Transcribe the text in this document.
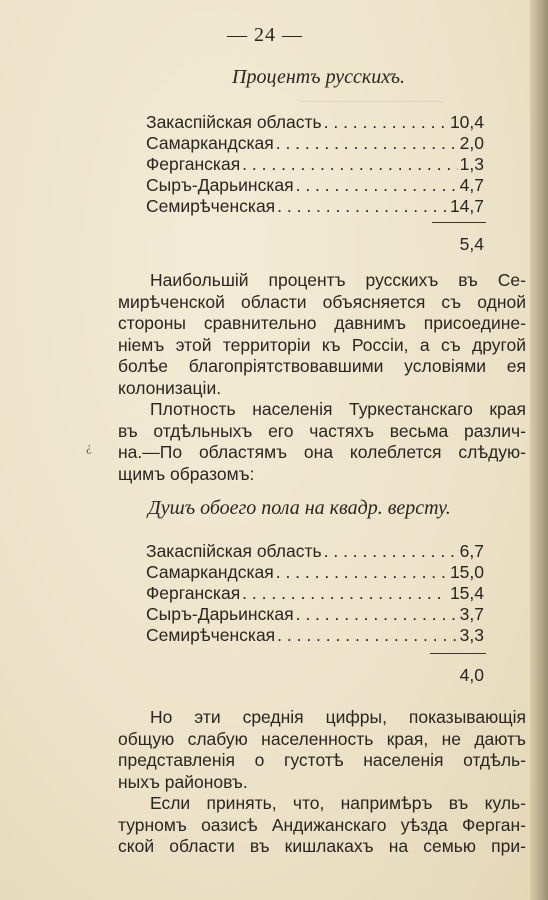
________________
— 24 —
Процентъ русскихъ.
Закаспійская область . . .	10,4
Самаркандская . . .	2,0
Ферганская . . .	1,3
Сыръ-Дарьинская . . .	4,7
Семирѣченская . . .	14,7
5,4
Наибольшій процентъ русскихъ въ Се-
мирѣченской области объясняется съ одной
стороны сравнительно давнимъ присоедине-
ніемъ этой территоріи къ Россіи, а съ другой
болѣе благопріятствовавшими условіями ея
колонизаціи.
Плотность населенія Туркестанскаго края
въ отдѣльныхъ его частяхъ весьма различ-
на.—По областямъ она колеблется слѣдую-
щимъ образомъ:
¿
Душъ обоего пола на квадр. версту.
Закаспійская область . . .	6,7
Самаркандская . . .	15,0
Ферганская . . .	15,4
Сыръ-Дарьинская . . .	3,7
Семирѣченская . . .	3,3
4,0
Но эти среднія цифры, показывающія
общую слабую населенность края, не даютъ
представленія о густотѣ населенія отдѣль-
ныхъ районовъ.
Если принять, что, напримѣръ въ куль-
турномъ оазисѣ Андижанскаго уѣзда Ферган-
ской области въ кишлакахъ на семью при-
